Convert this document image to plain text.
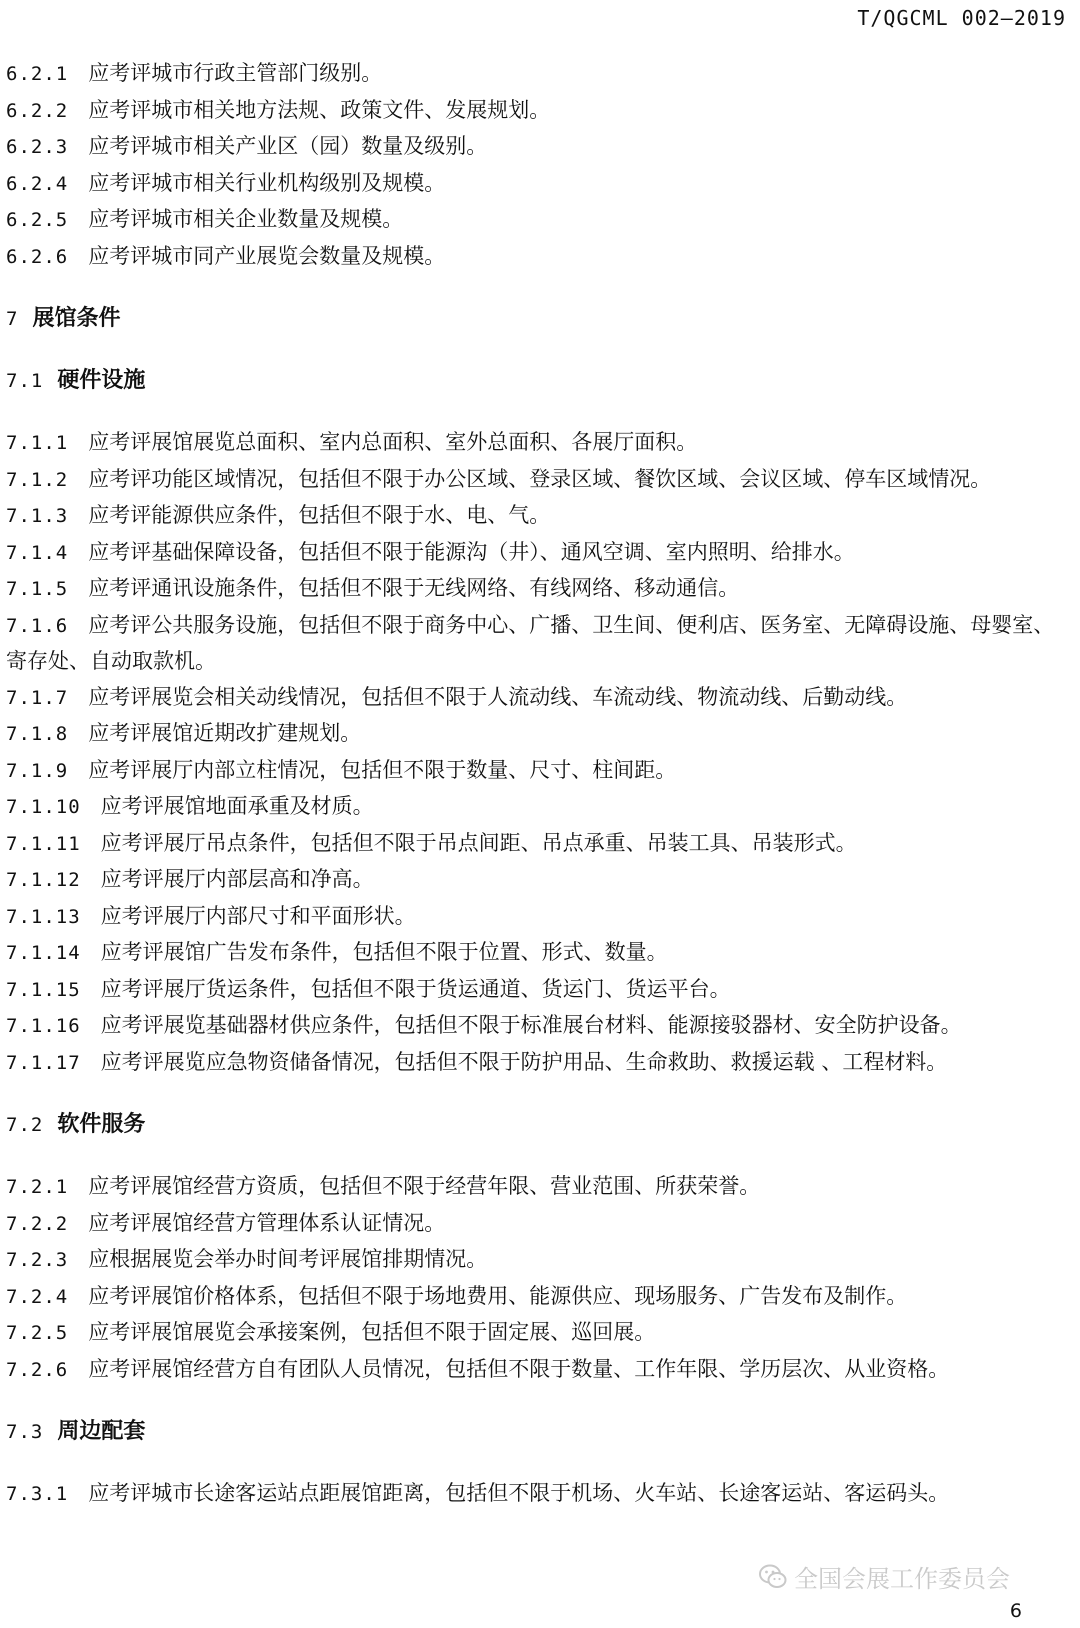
T/QGCML 002—2019
6.2.1 应考评城市行政主管部门级别。
6.2.2 应考评城市相关地方法规、政策文件、发展规划。
6.2.3 应考评城市相关产业区（园）数量及级别。
6.2.4 应考评城市相关行业机构级别及规模。
6.2.5 应考评城市相关企业数量及规模。
6.2.6 应考评城市同产业展览会数量及规模。
7 展馆条件
7.1 硬件设施
7.1.1 应考评展馆展览总面积、室内总面积、室外总面积、各展厅面积。
7.1.2 应考评功能区域情况，包括但不限于办公区域、登录区域、餐饮区域、会议区域、停车区域情况。
7.1.3 应考评能源供应条件，包括但不限于水、电、气。
7.1.4 应考评基础保障设备，包括但不限于能源沟（井）、通风空调、室内照明、给排水。
7.1.5 应考评通讯设施条件，包括但不限于无线网络、有线网络、移动通信。
7.1.6 应考评公共服务设施，包括但不限于商务中心、广播、卫生间、便利店、医务室、无障碍设施、母婴室、寄存处、自动取款机。
7.1.7 应考评展览会相关动线情况，包括但不限于人流动线、车流动线、物流动线、后勤动线。
7.1.8 应考评展馆近期改扩建规划。
7.1.9 应考评展厅内部立柱情况，包括但不限于数量、尺寸、柱间距。
7.1.10 应考评展馆地面承重及材质。
7.1.11 应考评展厅吊点条件，包括但不限于吊点间距、吊点承重、吊装工具、吊装形式。
7.1.12 应考评展厅内部层高和净高。
7.1.13 应考评展厅内部尺寸和平面形状。
7.1.14 应考评展馆广告发布条件，包括但不限于位置、形式、数量。
7.1.15 应考评展厅货运条件，包括但不限于货运通道、货运门、货运平台。
7.1.16 应考评展览基础器材供应条件，包括但不限于标准展台材料、能源接驳器材、安全防护设备。
7.1.17 应考评展览应急物资储备情况，包括但不限于防护用品、生命救助、救援运载 、工程材料。
7.2 软件服务
7.2.1 应考评展馆经营方资质，包括但不限于经营年限、营业范围、所获荣誉。
7.2.2 应考评展馆经营方管理体系认证情况。
7.2.3 应根据展览会举办时间考评展馆排期情况。
7.2.4 应考评展馆价格体系，包括但不限于场地费用、能源供应、现场服务、广告发布及制作。
7.2.5 应考评展馆展览会承接案例，包括但不限于固定展、巡回展。
7.2.6 应考评展馆经营方自有团队人员情况，包括但不限于数量、工作年限、学历层次、从业资格。
7.3 周边配套
7.3.1 应考评城市长途客运站点距展馆距离，包括但不限于机场、火车站、长途客运站、客运码头。
全国会展工作委员会
6
